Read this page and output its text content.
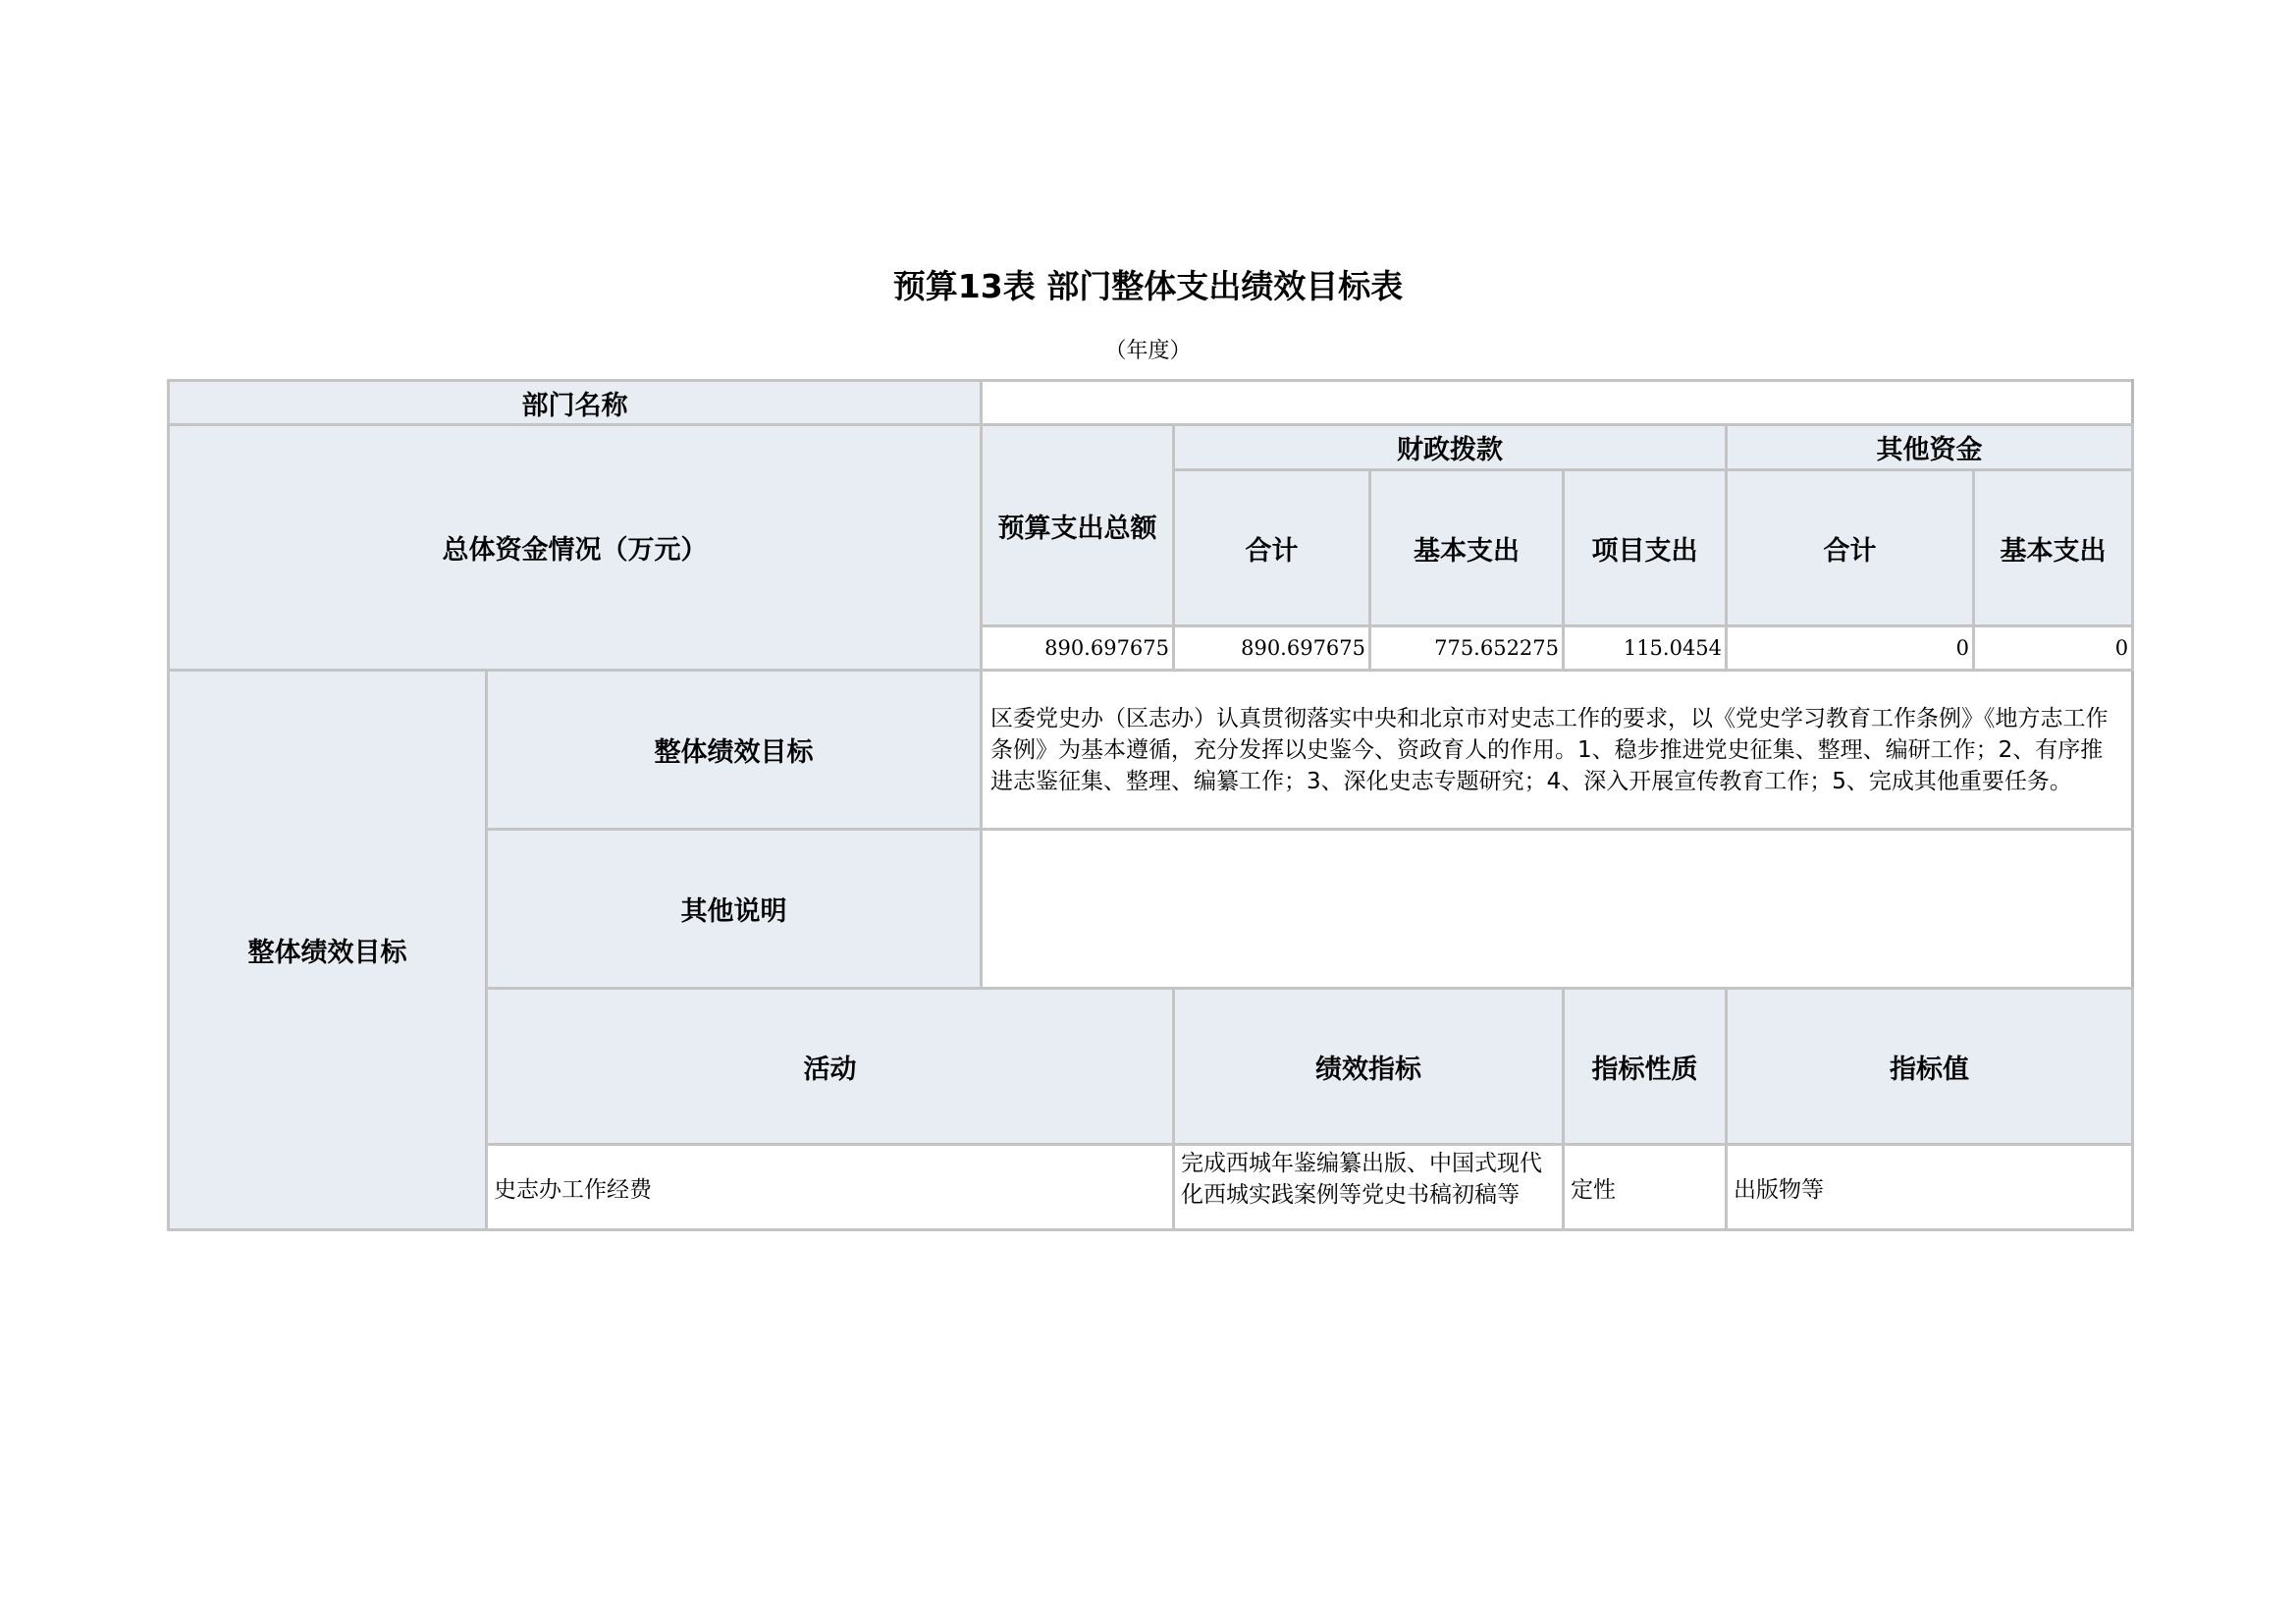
预算13表 部门整体支出绩效目标表
（年度）
部门名称								
总体资金情况（万元）		预算支出总额	财政拨款			其他资金		
			合计	基本支出	项目支出	合计	基本支出	
		890.697675	890.697675	775.652275	115.0454	0	0	
整体绩效目标	整体绩效目标	区委党史办（区志办）认真贯彻落实中央和北京市对史志工作的要求，以《党史学习教育工作条例》《地方志工作条例》为基本遵循，充分发挥以史鉴今、资政育人的作用。1、稳步推进党史征集、整理、编研工作；2、有序推进志鉴征集、整理、编纂工作；3、深化史志专题研究；4、深入开展宣传教育工作；5、完成其他重要任务。						
	其他说明							
	活动		绩效指标		指标性质	指标值	
	史志办工作经费		完成西城年鉴编纂出版、中国式现代化西城实践案例等党史书稿初稿等		定性	出版物等	
